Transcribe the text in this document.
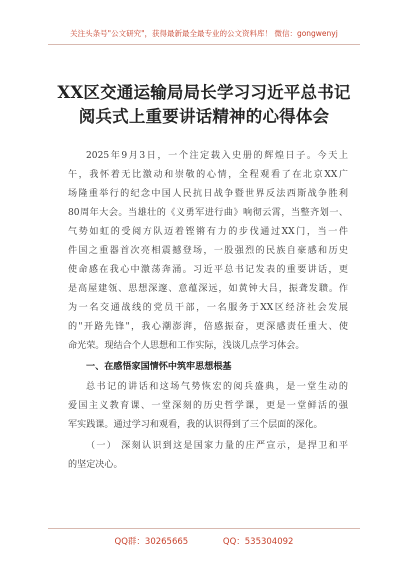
关注头条号"公文研究"，获得最新最全最专业的公文资料库！ 微信：gongwenyj
XX区交通运输局局长学习习近平总书记
阅兵式上重要讲话精神的心得体会
2025年9月3日，一个注定载入史册的辉煌日子。今天上
午，我怀着无比激动和崇敬的心情，全程观看了在北京XX广
场隆重举行的纪念中国人民抗日战争暨世界反法西斯战争胜利
80周年大会。当雄壮的《义勇军进行曲》响彻云霄，当整齐划一、
气势如虹的受阅方队迈着铿锵有力的步伐通过XX门，当一件
件国之重器首次亮相震撼登场，一股强烈的民族自豪感和历史
使命感在我心中激荡奔涌。习近平总书记发表的重要讲话，更
是高屋建瓴、思想深邃、意蕴深远，如黄钟大吕，振聋发聩。作
为一名交通战线的党员干部，一名服务于XX区经济社会发展
的"开路先锋"，我心潮澎湃，倍感振奋，更深感责任重大、使
命光荣。现结合个人思想和工作实际，浅谈几点学习体会。
一、在感悟家国情怀中筑牢思想根基
总书记的讲话和这场气势恢宏的阅兵盛典，是一堂生动的
爱国主义教育课、一堂深刻的历史哲学课，更是一堂鲜活的强
军实践课。通过学习和观看，我的认识得到了三个层面的深化。
（一） 深刻认识到这是国家力量的庄严宣示，是捍卫和平
的坚定决心。
QQ群：30265665	QQ：535304092
